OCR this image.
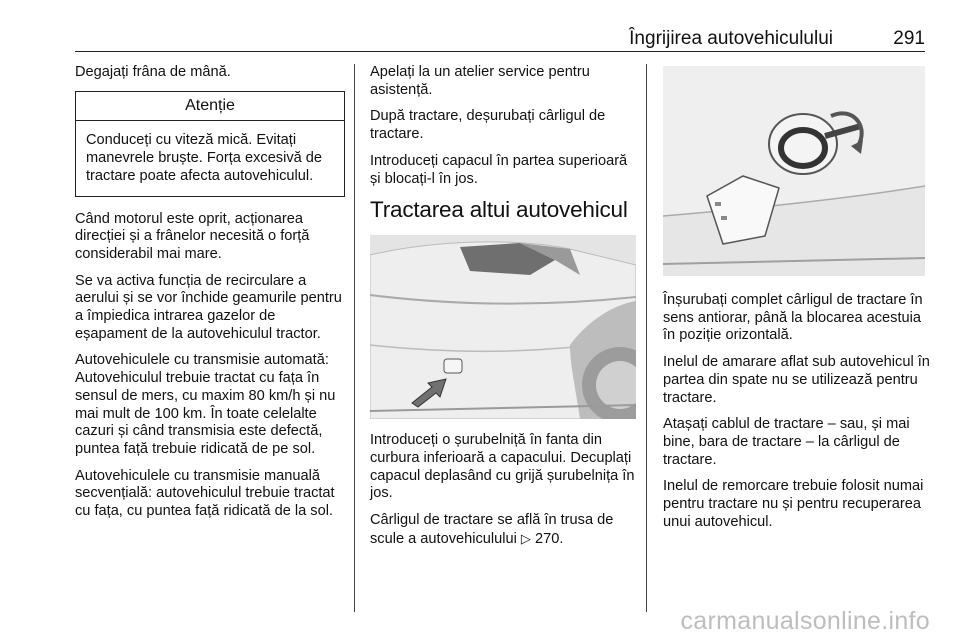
Îngrijirea autovehiculului	291

Degajați frâna de mână.

Atenție
Conduceți cu viteză mică. Evitați manevrele bruște. Forța excesivă de tractare poate afecta autovehiculul.

Când motorul este oprit, acționarea direcției și a frânelor necesită o forță considerabil mai mare.

Se va activa funcția de recirculare a aerului și se vor închide geamurile pentru a împiedica intrarea gazelor de eșapament de la autovehiculul tractor.

Autovehiculele cu transmisie automată: Autovehiculul trebuie tractat cu fața în sensul de mers, cu maxim 80 km/h și nu mai mult de 100 km. În toate celelalte cazuri și când transmisia este defectă, puntea față trebuie ridicată de pe sol.

Autovehiculele cu transmisie manuală secvențială: autovehiculul trebuie tractat cu fața, cu puntea față ridicată de la sol.

Apelați la un atelier service pentru asistență.

După tractare, deșurubați cârligul de tractare.

Introduceți capacul în partea superioară și blocați-l în jos.

Tractarea altui autovehicul

Introduceți o șurubelniță în fanta din curbura inferioară a capacului. Decuplați capacul deplasând cu grijă șurubelnița în jos.

Cârligul de tractare se află în trusa de scule a autovehiculului ▷ 270.

Înșurubați complet cârligul de tractare în sens antiorar, până la blocarea acestuia în poziție orizontală.

Inelul de amarare aflat sub autovehicul în partea din spate nu se utilizează pentru tractare.

Atașați cablul de tractare – sau, și mai bine, bara de tractare – la cârligul de tractare.

Inelul de remorcare trebuie folosit numai pentru tractare nu și pentru recuperarea unui autovehicul.

carmanualsonline.info
